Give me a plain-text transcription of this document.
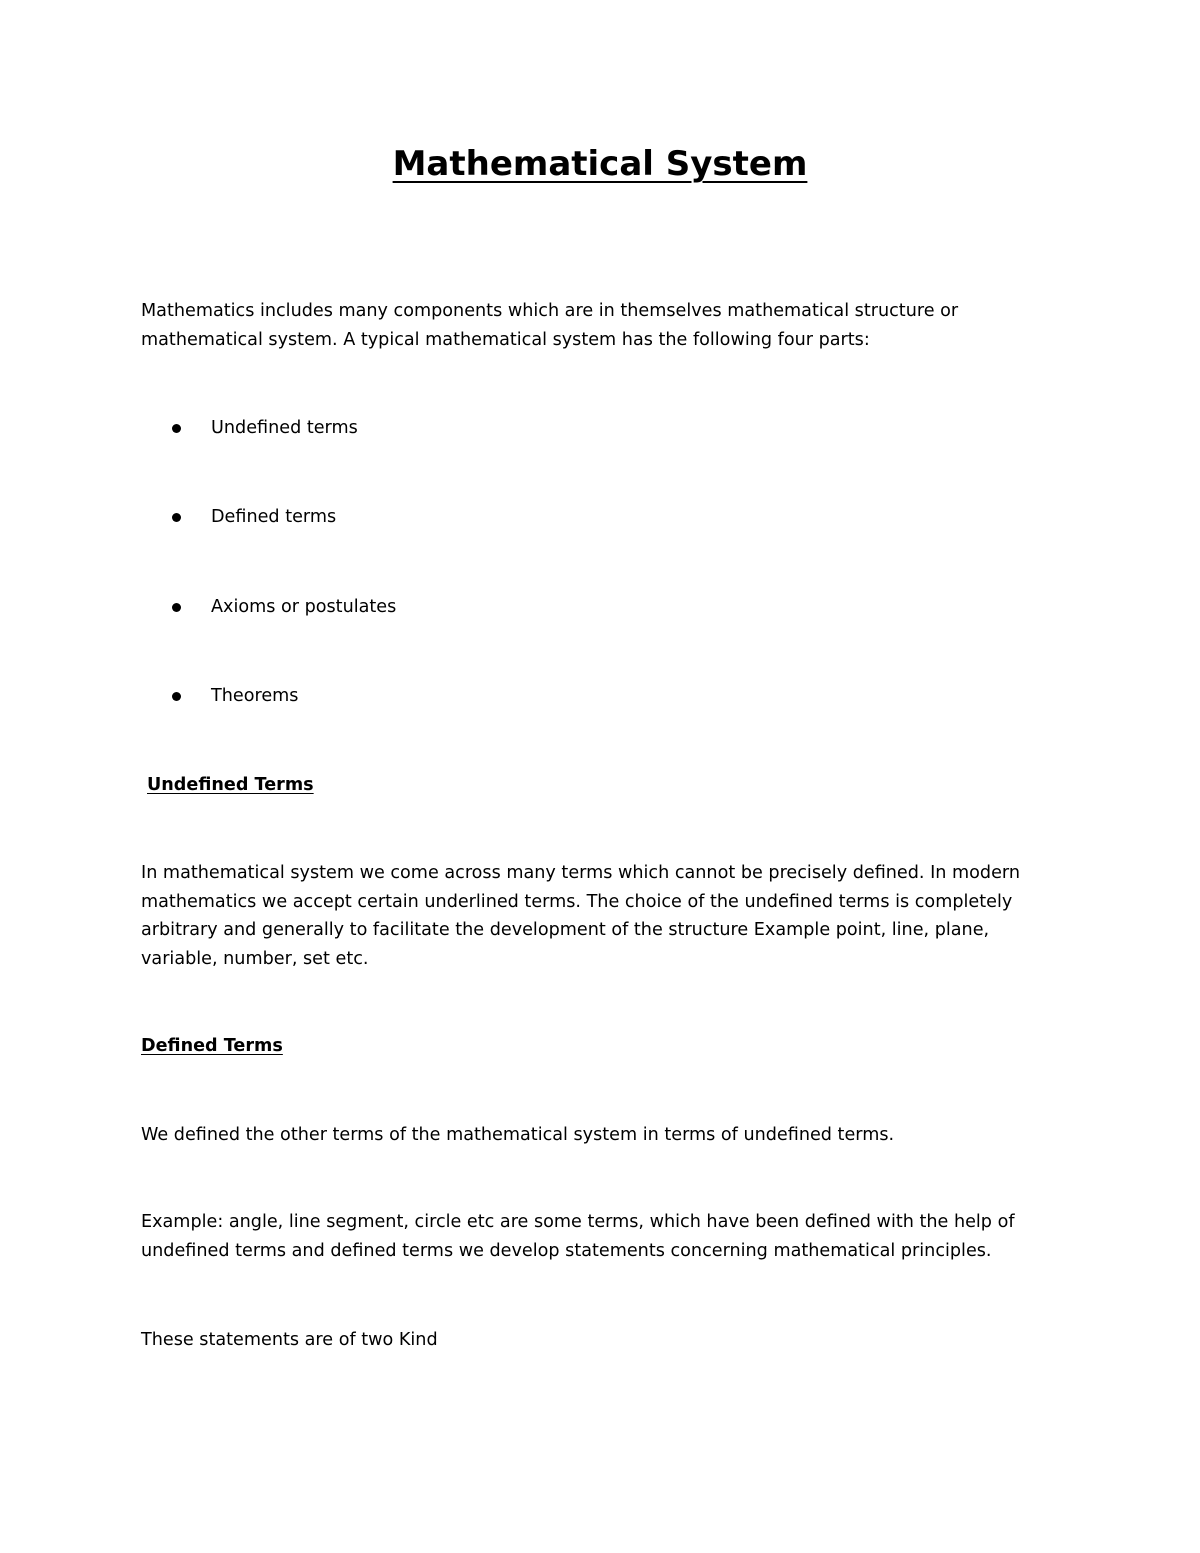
Mathematical System
Mathematics includes many components which are in themselves mathematical structure or
mathematical system. A typical mathematical system has the following four parts:
Undefined terms
Defined terms
Axioms or postulates
Theorems
Undefined Terms
In mathematical system we come across many terms which cannot be precisely defined. In modern
mathematics we accept certain underlined terms. The choice of the undefined terms is completely
arbitrary and generally to facilitate the development of the structure Example point, line, plane,
variable, number, set etc.
Defined Terms
We defined the other terms of the mathematical system in terms of undefined terms.
Example: angle, line segment, circle etc are some terms, which have been defined with the help of
undefined terms and defined terms we develop statements concerning mathematical principles.
These statements are of two Kind
